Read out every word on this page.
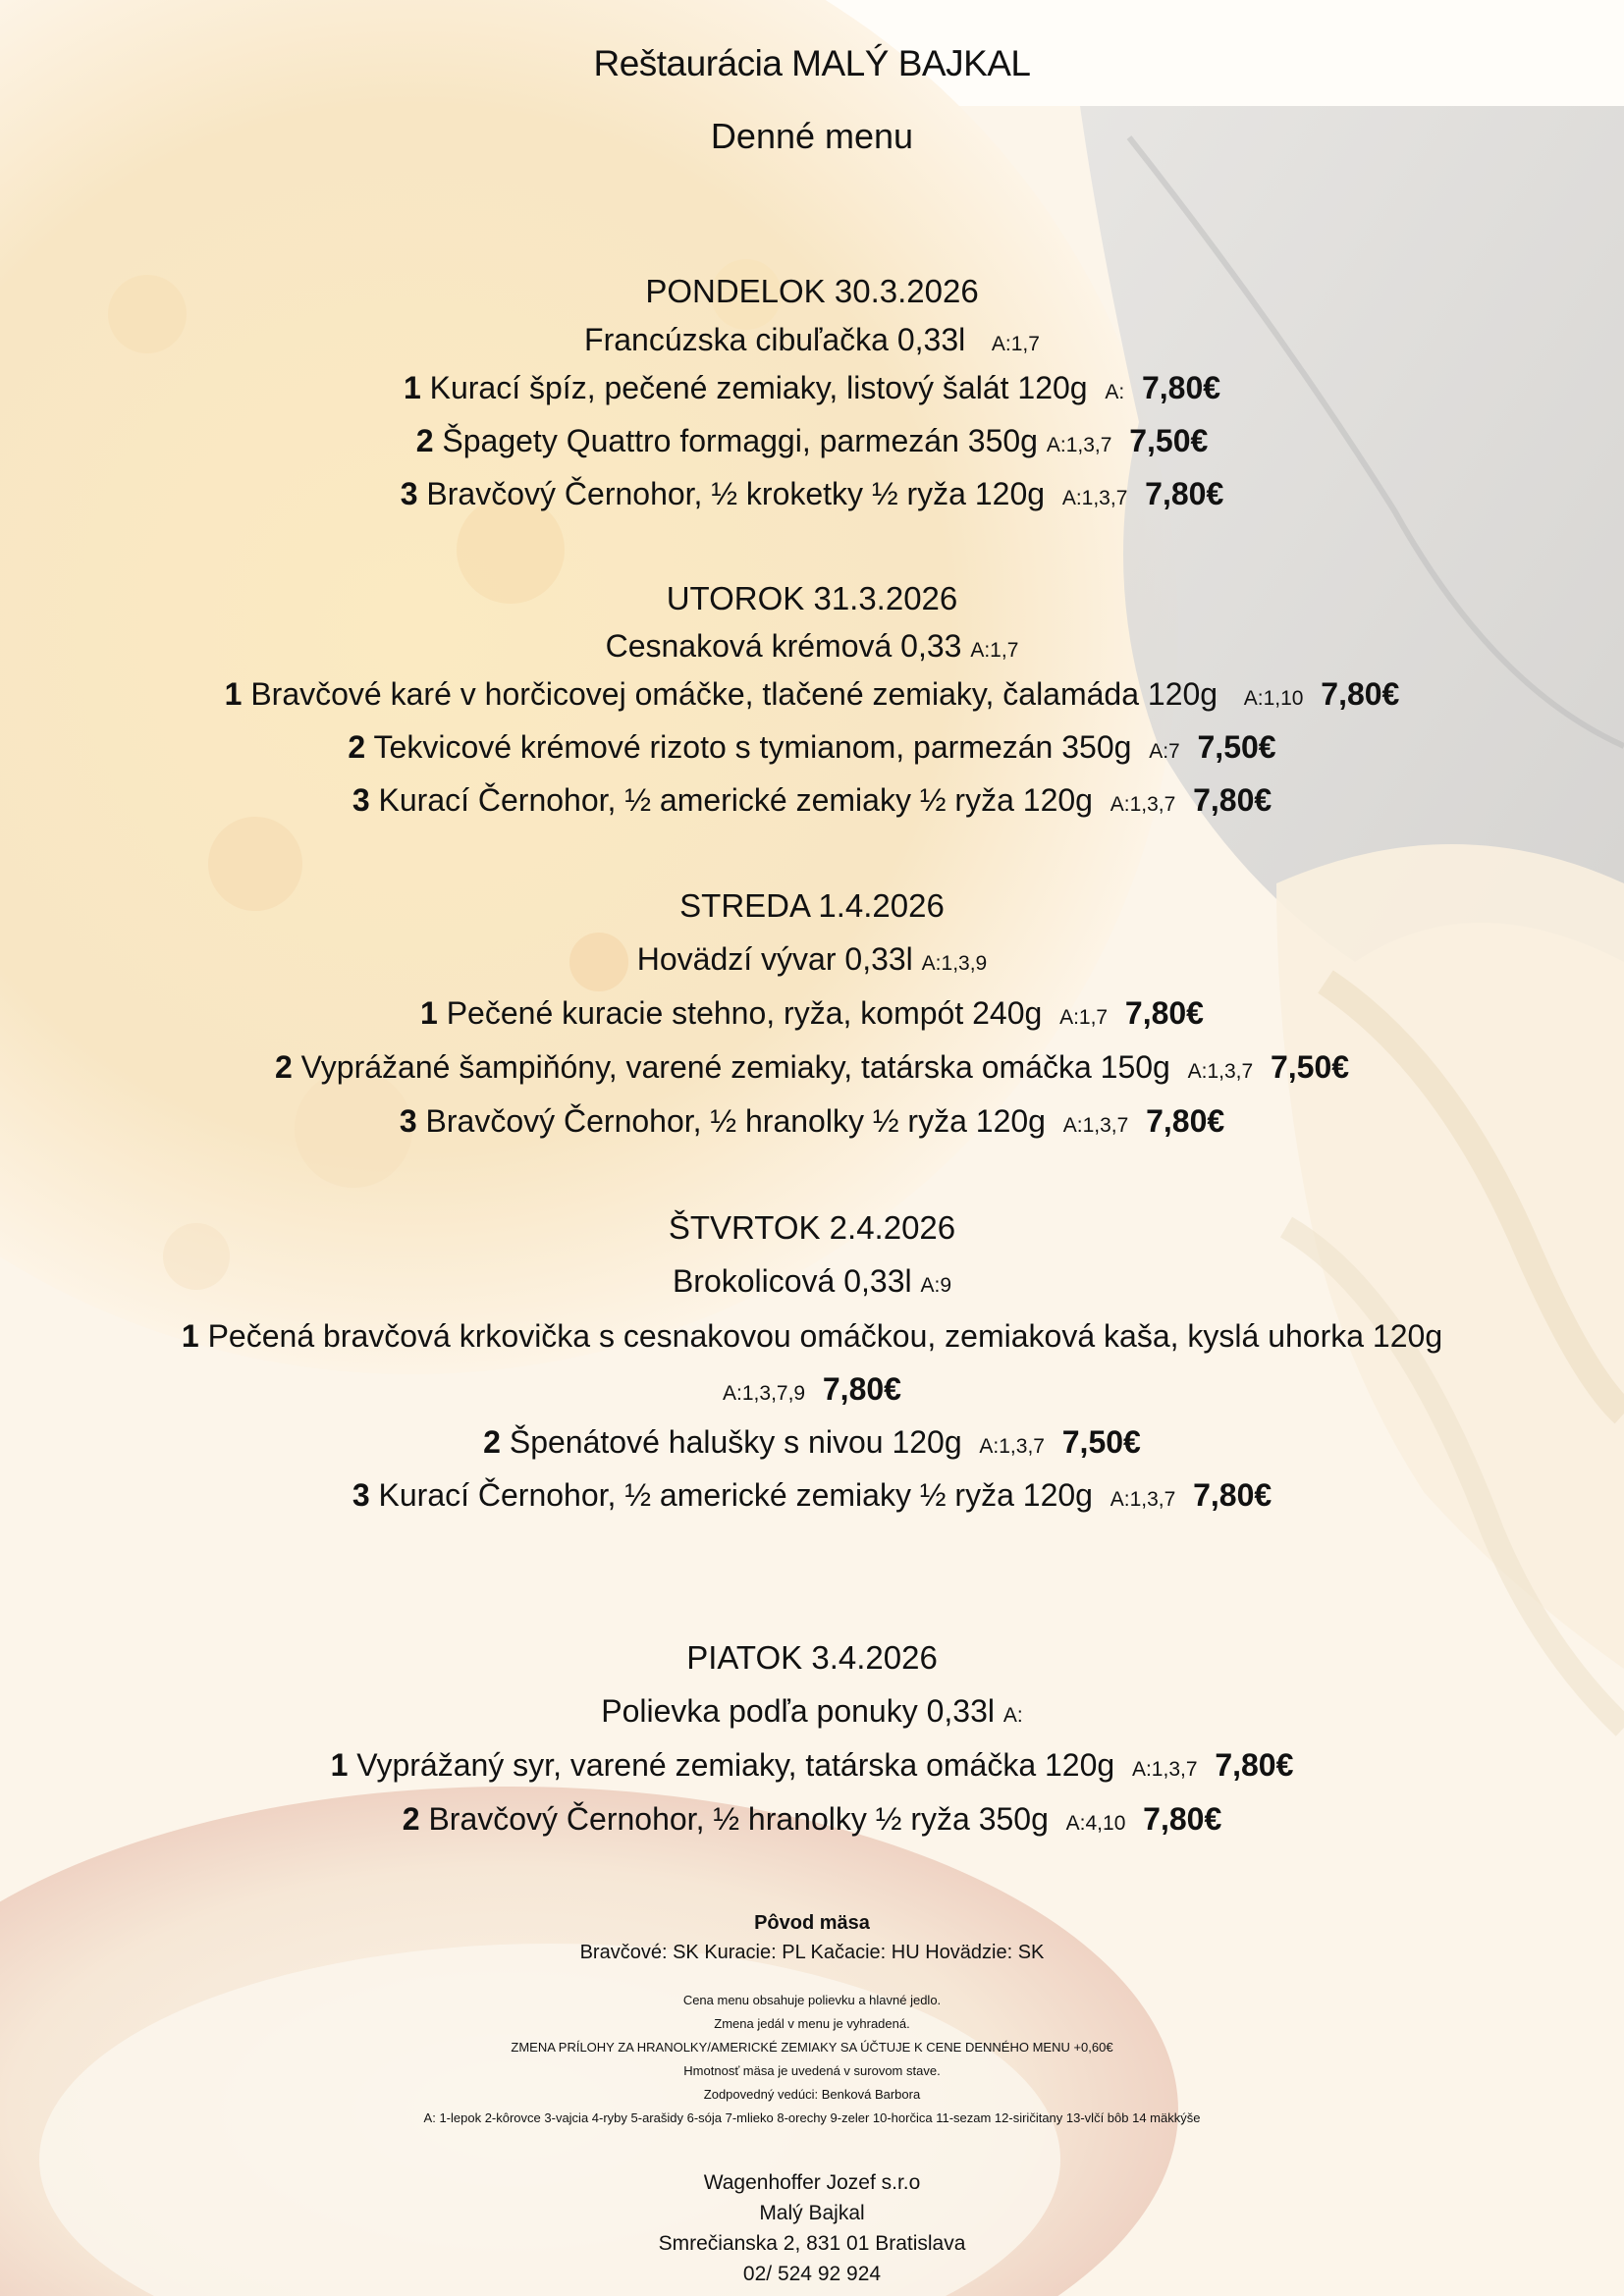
Reštaurácia MALÝ BAJKAL
Denné menu
PONDELOK 30.3.2026
Francúzska cibuľačka 0,33l A:1,7
1 Kurací špíz, pečené zemiaky, listový šalát 120g A: 7,80€
2 Špagety Quattro formaggi, parmezán 350g A:1,3,7 7,50€
3 Bravčový Černohor, ½ kroketky ½ ryža 120g A:1,3,7 7,80€
UTOROK 31.3.2026
Cesnaková krémová 0,33 A:1,7
1 Bravčové karé v horčicovej omáčke, tlačené zemiaky, čalamáda 120g A:1,10 7,80€
2 Tekvicové krémové rizoto s tymianom, parmezán 350g A:7 7,50€
3 Kurací Černohor, ½ americké zemiaky ½ ryža 120g A:1,3,7 7,80€
STREDA 1.4.2026
Hovädzí vývar 0,33l A:1,3,9
1 Pečené kuracie stehno, ryža, kompót 240g A:1,7 7,80€
2 Vyprážané šampiňóny, varené zemiaky, tatárska omáčka 150g A:1,3,7 7,50€
3 Bravčový Černohor, ½ hranolky ½ ryža 120g A:1,3,7 7,80€
ŠTVRTOK 2.4.2026
Brokolicová 0,33l A:9
1 Pečená bravčová krkovička s cesnakovou omáčkou, zemiaková kaša, kyslá uhorka 120g
A:1,3,7,9 7,80€
2 Špenátové halušky s nivou 120g A:1,3,7 7,50€
3 Kurací Černohor, ½ americké zemiaky ½ ryža 120g A:1,3,7 7,80€
PIATOK 3.4.2026
Polievka podľa ponuky 0,33l A:
1 Vyprážaný syr, varené zemiaky, tatárska omáčka 120g A:1,3,7 7,80€
2 Bravčový Černohor, ½ hranolky ½ ryža 350g A:4,10 7,80€
Pôvod mäsa
Bravčové: SK Kuracie: PL Kačacie: HU Hovädzie: SK
Cena menu obsahuje polievku a hlavné jedlo.
Zmena jedál v menu je vyhradená.
ZMENA PRÍLOHY ZA HRANOLKY/AMERICKÉ ZEMIAKY SA ÚČTUJE K CENE DENNÉHO MENU +0,60€
Hmotnosť mäsa je uvedená v surovom stave.
Zodpovedný vedúci: Benková Barbora
A: 1-lepok 2-kôrovce 3-vajcia 4-ryby 5-arašidy 6-sója 7-mlieko 8-orechy 9-zeler 10-horčica 11-sezam 12-siričitany 13-vlčí bôb 14 mäkkýše
Wagenhoffer Jozef s.r.o
Malý Bajkal
Smrečianska 2, 831 01 Bratislava
02/ 524 92 924
